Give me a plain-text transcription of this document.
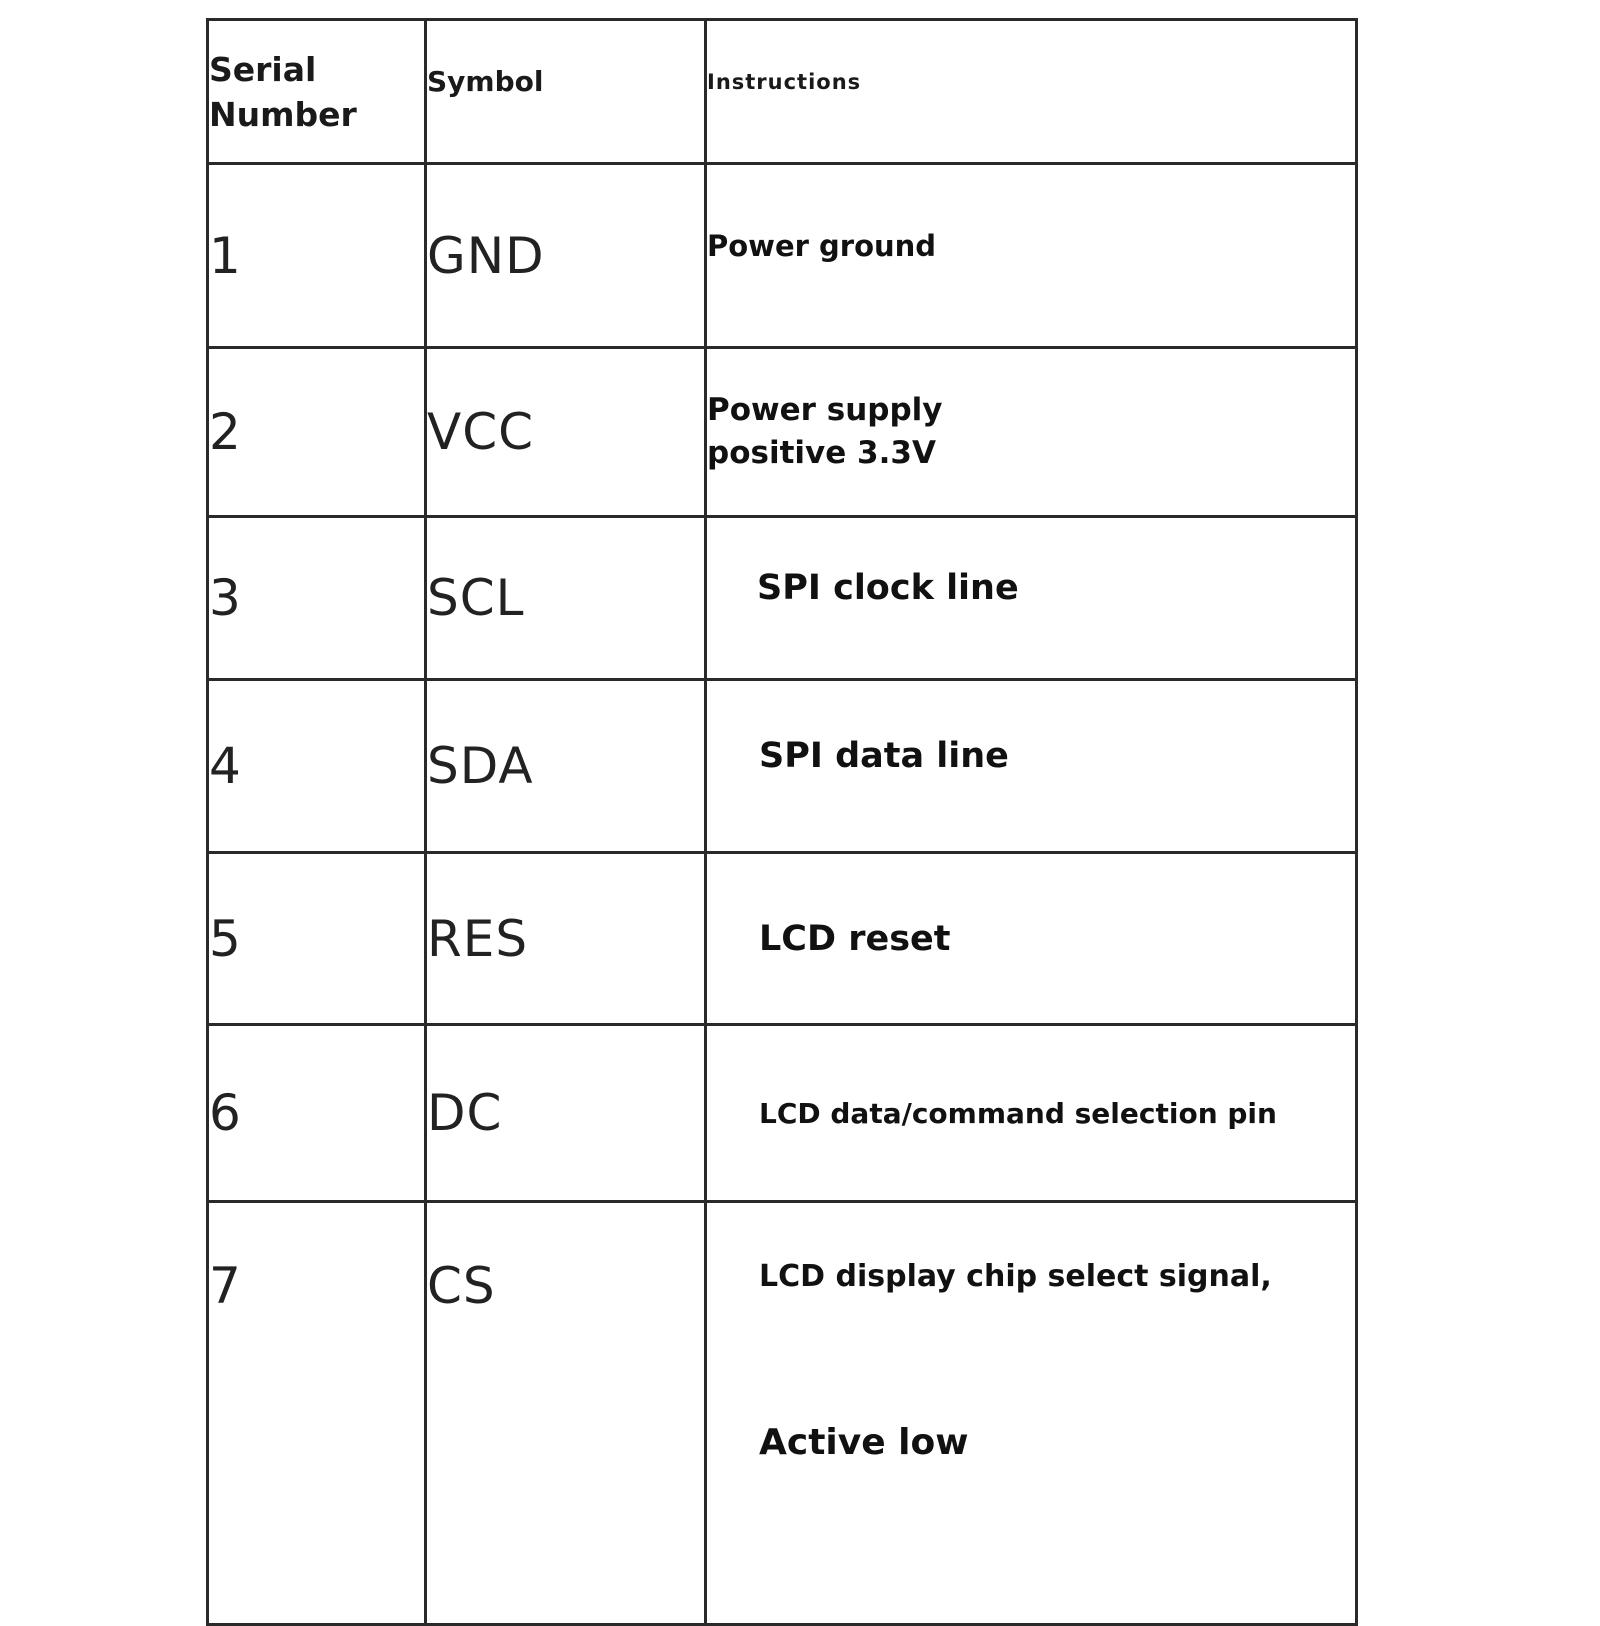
Serial Number	Symbol	Instructions
1	GND	Power ground
2	VCC	Power supply positive 3.3V

3	SCL	SPI clock line
4	SDA	SPI data line
5	RES	LCD reset
6	DC	LCD data/command selection pin
7	CS	LCD display chip select signal,
Active low
